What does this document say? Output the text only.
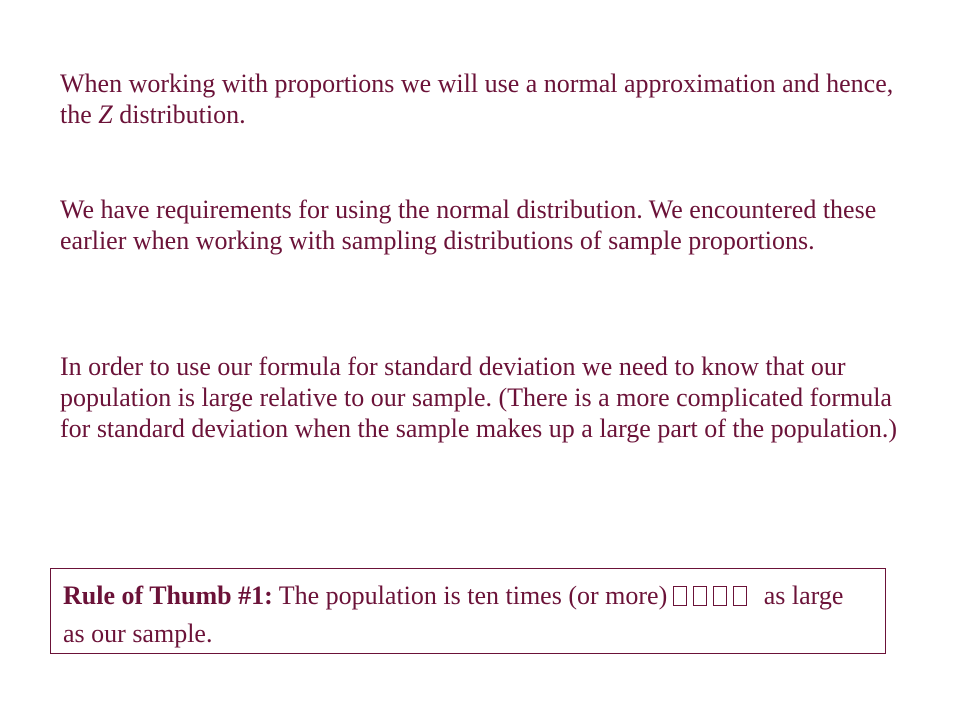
When working with proportions we will use a normal approximation and hence, the Z distribution.

We have requirements for using the normal distribution. We encountered these earlier when working with sampling distributions of sample proportions.

In order to use our formula for standard deviation we need to know that our population is large relative to our sample. (There is a more complicated formula for standard deviation when the sample makes up a large part of the population.)

Rule of Thumb #1: The population is ten times (or more)	as large as our sample.
